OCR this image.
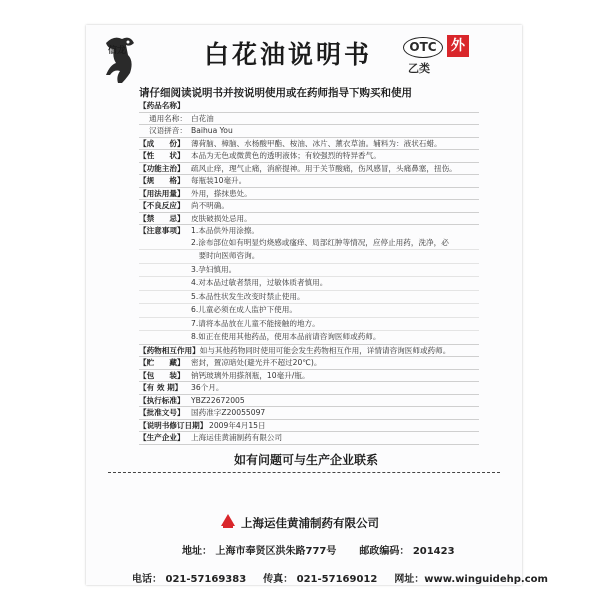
信龙	白花油说明书	OTC	外
乙类
请仔细阅读说明书并按说明使用或在药师指导下购买和使用
【药品名称】
通用名称： 白花油
汉语拼音： Baihua You
【成　　份】 薄荷脑、樟脑、水杨酸甲酯、桉油、冰片、薰衣草油。辅料为：液状石蜡。
【性　　状】 本品为无色或微黄色的透明液体；有较强烈的特异香气。
【功能主治】 疏风止痒，理气止痛，消瘀提神。用于关节酸痛，伤风感冒，头痛鼻塞，扭伤。
【规　　格】 每瓶装10毫升。
【用法用量】 外用，搽抹患处。
【不良反应】 尚不明确。
【禁　　忌】 皮肤破损处忌用。
【注意事项】 1.本品供外用涂擦。
2.涂布部位如有明显灼烧感或瘙痒、局部红肿等情况，应停止用药，洗净，必
　要时向医师咨询。
3.孕妇慎用。
4.对本品过敏者禁用，过敏体质者慎用。
5.本品性状发生改变时禁止使用。
6.儿童必须在成人监护下使用。
7.请将本品放在儿童不能接触的地方。
8.如正在使用其他药品，使用本品前请咨询医师或药师。
【药物相互作用】 如与其他药物同时使用可能会发生药物相互作用，详情请咨询医师或药师。
【贮　　藏】 密封，置凉暗处(避光并不超过20℃)。
【包　　装】 钠钙玻璃外用搽剂瓶，10毫升/瓶。
【有 效 期】	36个月。
【执行标准】 YBZ22672005
【批准文号】 国药准字Z20055097
【说明书修订日期】 2009年4月15日
【生产企业】 上海运佳黄浦制药有限公司
如有问题可与生产企业联系
上海运佳黄浦制药有限公司
地址： 上海市奉贤区洪朱路777号 邮政编码： 201423
电话： 021-57169383 传真： 021-57169012 网址：www.winguidehp.com
